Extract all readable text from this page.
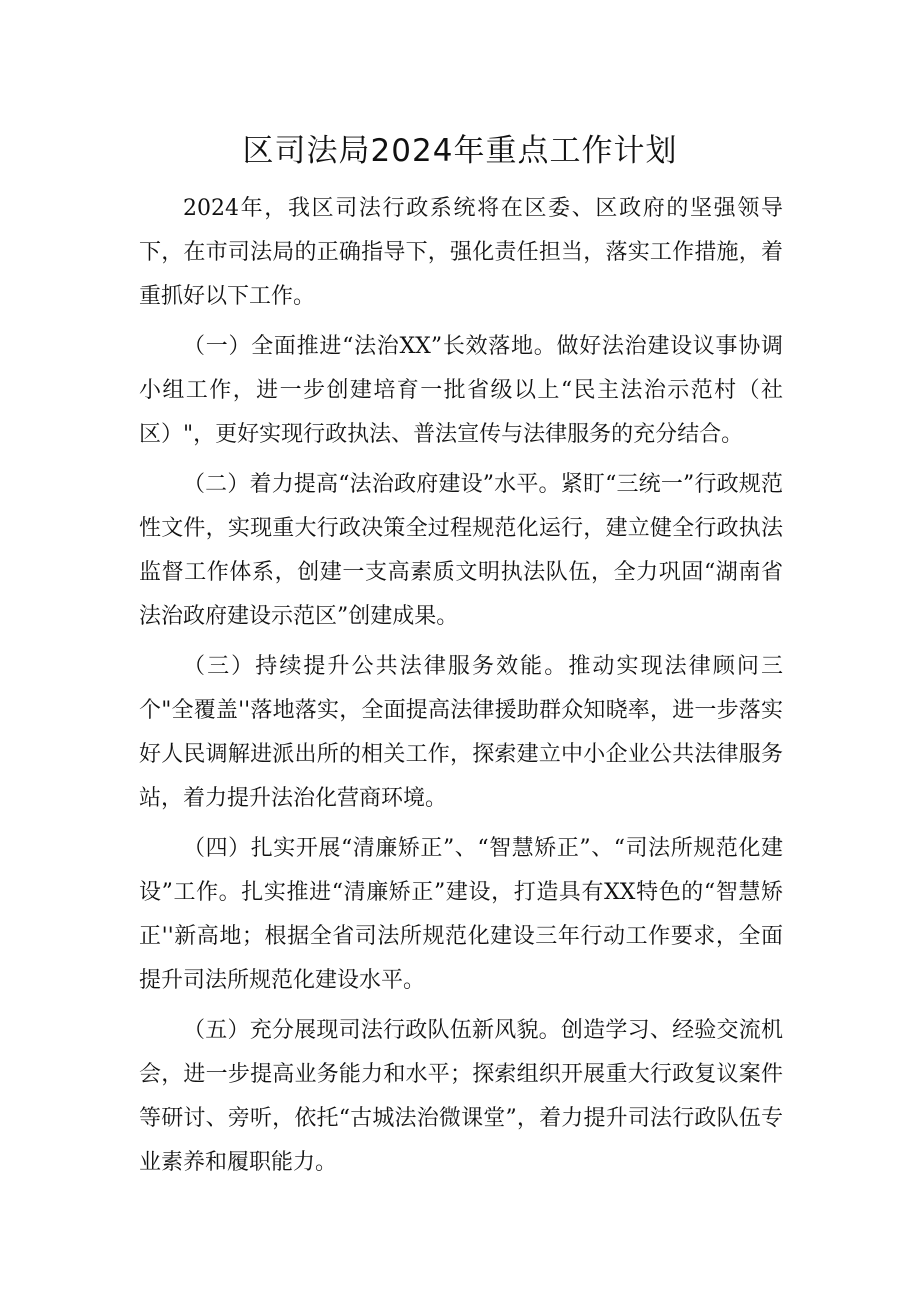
区司法局2024年重点工作计划

2024年，我区司法行政系统将在区委、区政府的坚强领导下，在市司法局的正确指导下，强化责任担当，落实工作措施，着重抓好以下工作。

（一）全面推进“法治XX”长效落地。做好法治建设议事协调小组工作，进一步创建培育一批省级以上“民主法治示范村（社区）"，更好实现行政执法、普法宣传与法律服务的充分结合。

（二）着力提高“法治政府建设”水平。紧盯“三统一”行政规范性文件，实现重大行政决策全过程规范化运行，建立健全行政执法监督工作体系，创建一支高素质文明执法队伍，全力巩固“湖南省法治政府建设示范区”创建成果。

（三）持续提升公共法律服务效能。推动实现法律顾问三个"全覆盖''落地落实，全面提高法律援助群众知晓率，进一步落实好人民调解进派出所的相关工作，探索建立中小企业公共法律服务站，着力提升法治化营商环境。

（四）扎实开展“清廉矫正”、“智慧矫正”、“司法所规范化建设”工作。扎实推进“清廉矫正”建设，打造具有XX特色的“智慧矫正''新高地；根据全省司法所规范化建设三年行动工作要求，全面提升司法所规范化建设水平。

（五）充分展现司法行政队伍新风貌。创造学习、经验交流机会，进一步提高业务能力和水平；探索组织开展重大行政复议案件等研讨、旁听，依托“古城法治微课堂”，着力提升司法行政队伍专业素养和履职能力。
